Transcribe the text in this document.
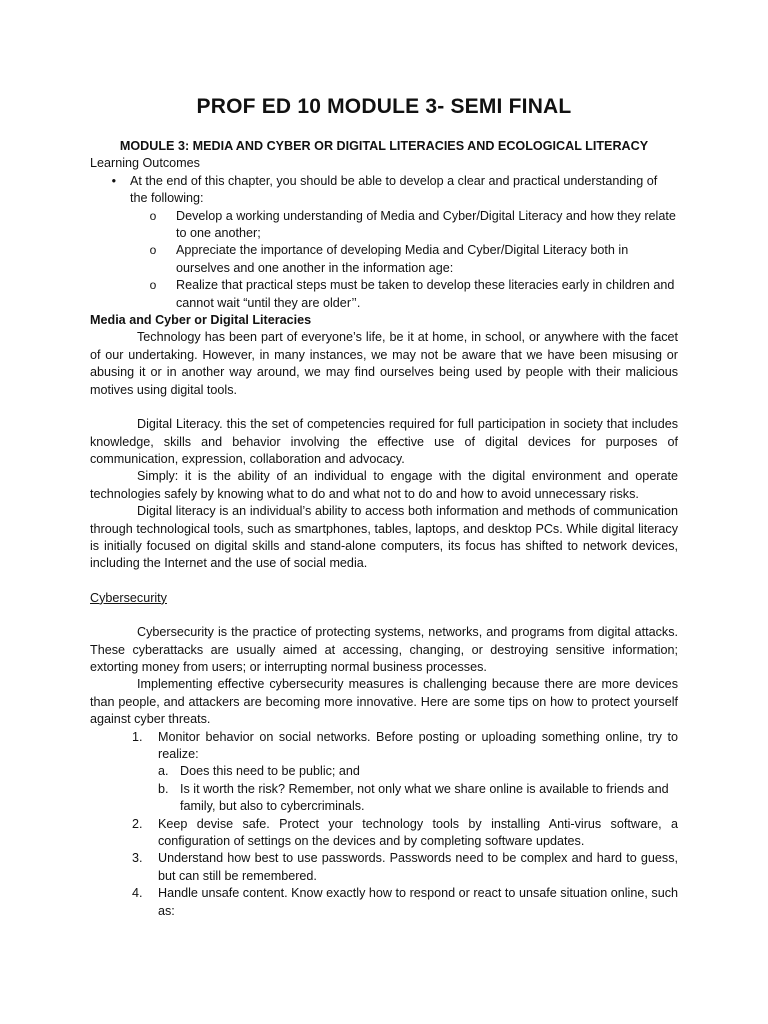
PROF ED 10 MODULE 3- SEMI FINAL

MODULE 3: MEDIA AND CYBER OR DIGITAL LITERACIES AND ECOLOGICAL LITERACY

Learning Outcomes

•	At the end of this chapter, you should be able to develop a clear and practical understanding of the following:
o	Develop a working understanding of Media and Cyber/Digital Literacy and how they relate to one another;
o	Appreciate the importance of developing Media and Cyber/Digital Literacy both in ourselves and one another in the information age:
o	Realize that practical steps must be taken to develop these literacies early in children and cannot wait “until they are older’’.

Media and Cyber or Digital Literacies

Technology has been part of everyone’s life, be it at home, in school, or anywhere with the facet of our undertaking. However, in many instances, we may not be aware that we have been misusing or abusing it or in another way around, we may find ourselves being used by people with their malicious motives using digital tools.

Digital Literacy. this the set of competencies required for full participation in society that includes knowledge, skills and behavior involving the effective use of digital devices for purposes of communication, expression, collaboration and advocacy.

Simply: it is the ability of an individual to engage with the digital environment and operate technologies safely by knowing what to do and what not to do and how to avoid unnecessary risks.

Digital literacy is an individual’s ability to access both information and methods of communication through technological tools, such as smartphones, tables, laptops, and desktop PCs. While digital literacy is initially focused on digital skills and stand-alone computers, its focus has shifted to network devices, including the Internet and the use of social media.

Cybersecurity

Cybersecurity is the practice of protecting systems, networks, and programs from digital attacks. These cyberattacks are usually aimed at accessing, changing, or destroying sensitive information; extorting money from users; or interrupting normal business processes.

Implementing effective cybersecurity measures is challenging because there are more devices than people, and attackers are becoming more innovative. Here are some tips on how to protect yourself against cyber threats.

1.	Monitor behavior on social networks. Before posting or uploading something online, try to realize:
a. Does this need to be public; and
b. Is it worth the risk? Remember, not only what we share online is available to friends and family, but also to cybercriminals.
2.	Keep devise safe. Protect your technology tools by installing Anti-virus software, a configuration of settings on the devices and by completing software updates.
3.	Understand how best to use passwords. Passwords need to be complex and hard to guess, but can still be remembered.
4.	Handle unsafe content. Know exactly how to respond or react to unsafe situation online, such as:
